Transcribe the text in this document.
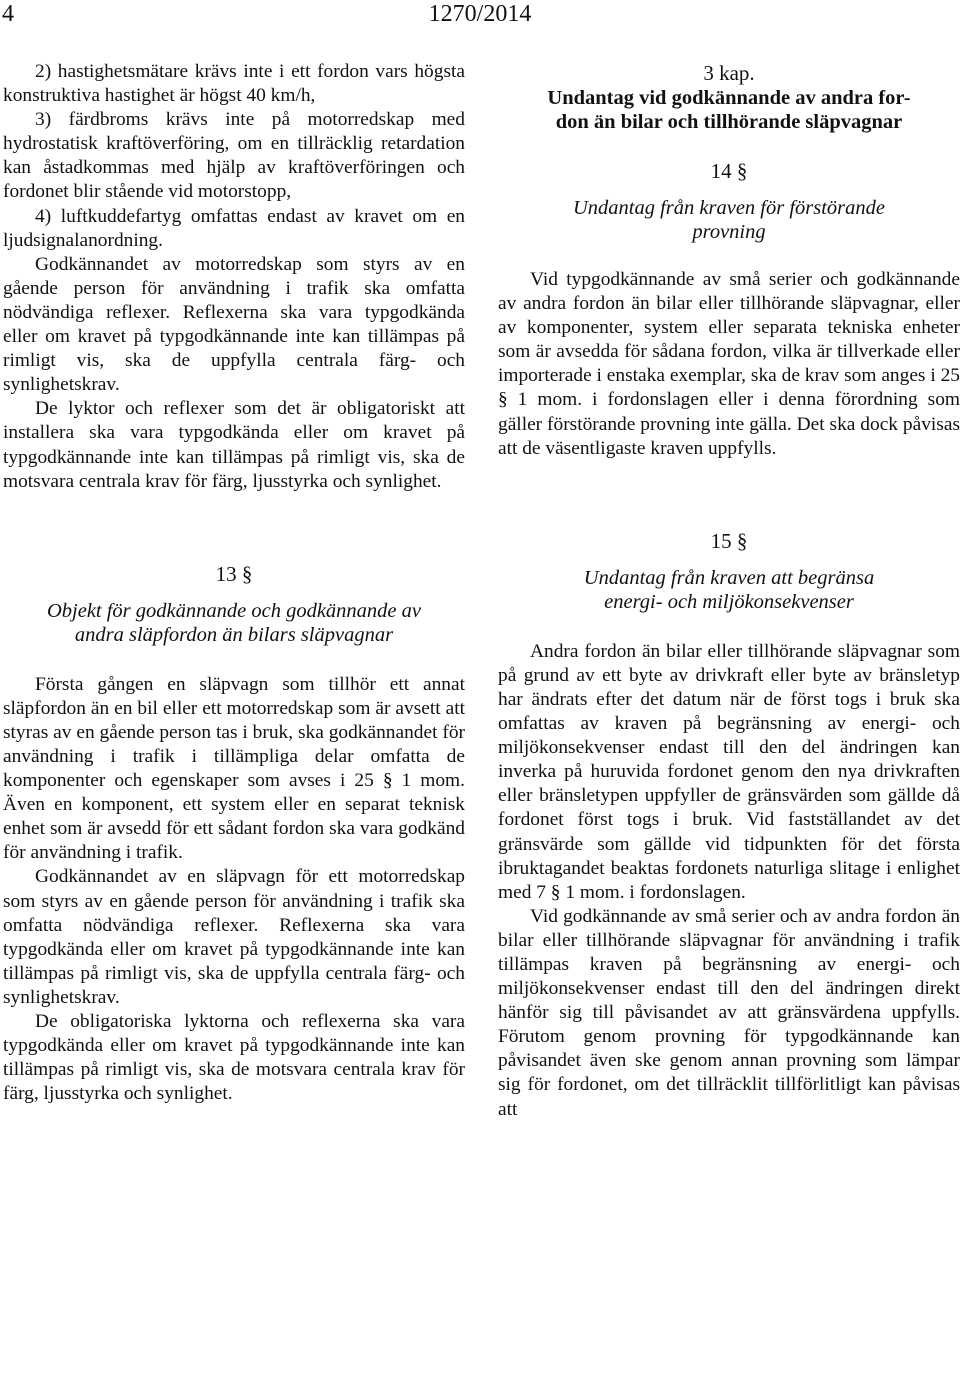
4	1270/2014

2) hastighetsmätare krävs inte i ett fordon vars högsta konstruktiva hastighet är högst 40 km/h,

3) färdbroms krävs inte på motorredskap med hydrostatisk kraftöverföring, om en tillräcklig retardation kan åstadkommas med hjälp av kraftöverföringen och fordonet blir stående vid motorstopp,

4) luftkuddefartyg omfattas endast av kravet om en ljudsignalanordning.

Godkännandet av motorredskap som styrs av en gående person för användning i trafik ska omfatta nödvändiga reflexer. Reflexerna ska vara typgodkända eller om kravet på typgodkännande inte kan tillämpas på rimligt vis, ska de uppfylla centrala färg- och synlighetskrav.

De lyktor och reflexer som det är obligatoriskt att installera ska vara typgodkända eller om kravet på typgodkännande inte kan tillämpas på rimligt vis, ska de motsvara centrala krav för färg, ljusstyrka och synlighet.

13 §

Objekt för godkännande och godkännande av

andra släpfordon än bilars släpvagnar

Första gången en släpvagn som tillhör ett annat släpfordon än en bil eller ett motorredskap som är avsett att styras av en gående person tas i bruk, ska godkännandet för användning i trafik i tillämpliga delar omfatta de komponenter och egenskaper som avses i 25 § 1 mom. Även en komponent, ett system eller en separat teknisk enhet som är avsedd för ett sådant fordon ska vara godkänd för användning i trafik.

Godkännandet av en släpvagn för ett motorredskap som styrs av en gående person för användning i trafik ska omfatta nödvändiga reflexer. Reflexerna ska vara typgodkända eller om kravet på typgodkännande inte kan tillämpas på rimligt vis, ska de uppfylla centrala färg- och synlighetskrav.

De obligatoriska lyktorna och reflexerna ska vara typgodkända eller om kravet på typgodkännande inte kan tillämpas på rimligt vis, ska de motsvara centrala krav för färg, ljusstyrka och synlighet.

3 kap.

Undantag vid godkännande av andra for-

don än bilar och tillhörande släpvagnar

14 §

Undantag från kraven för förstörande

provning

Vid typgodkännande av små serier och godkännande av andra fordon än bilar eller tillhörande släpvagnar, eller av komponenter, system eller separata tekniska enheter som är avsedda för sådana fordon, vilka är tillverkade eller importerade i enstaka exemplar, ska de krav som anges i 25 § 1 mom. i fordonslagen eller i denna förordning som gäller förstörande provning inte gälla. Det ska dock påvisas att de väsentligaste kraven uppfylls.

15 §

Undantag från kraven att begränsa

energi- och miljökonsekvenser

Andra fordon än bilar eller tillhörande släpvagnar som på grund av ett byte av drivkraft eller byte av bränsletyp har ändrats efter det datum när de först togs i bruk ska omfattas av kraven på begränsning av energi- och miljökonsekvenser endast till den del ändringen kan inverka på huruvida fordonet genom den nya drivkraften eller bränsletypen uppfyller de gränsvärden som gällde då fordonet först togs i bruk. Vid fastställandet av det gränsvärde som gällde vid tidpunkten för det första ibruktagandet beaktas fordonets naturliga slitage i enlighet med 7 § 1 mom. i fordonslagen.

Vid godkännande av små serier och av andra fordon än bilar eller tillhörande släpvagnar för användning i trafik tillämpas kraven på begränsning av energi- och miljökonsekvenser endast till den del ändringen direkt hänför sig till påvisandet av att gränsvärdena uppfylls. Förutom genom provning för typgodkännande kan påvisandet även ske genom annan provning som lämpar sig för fordonet, om det tillräcklit tillförlitligt kan påvisas att
